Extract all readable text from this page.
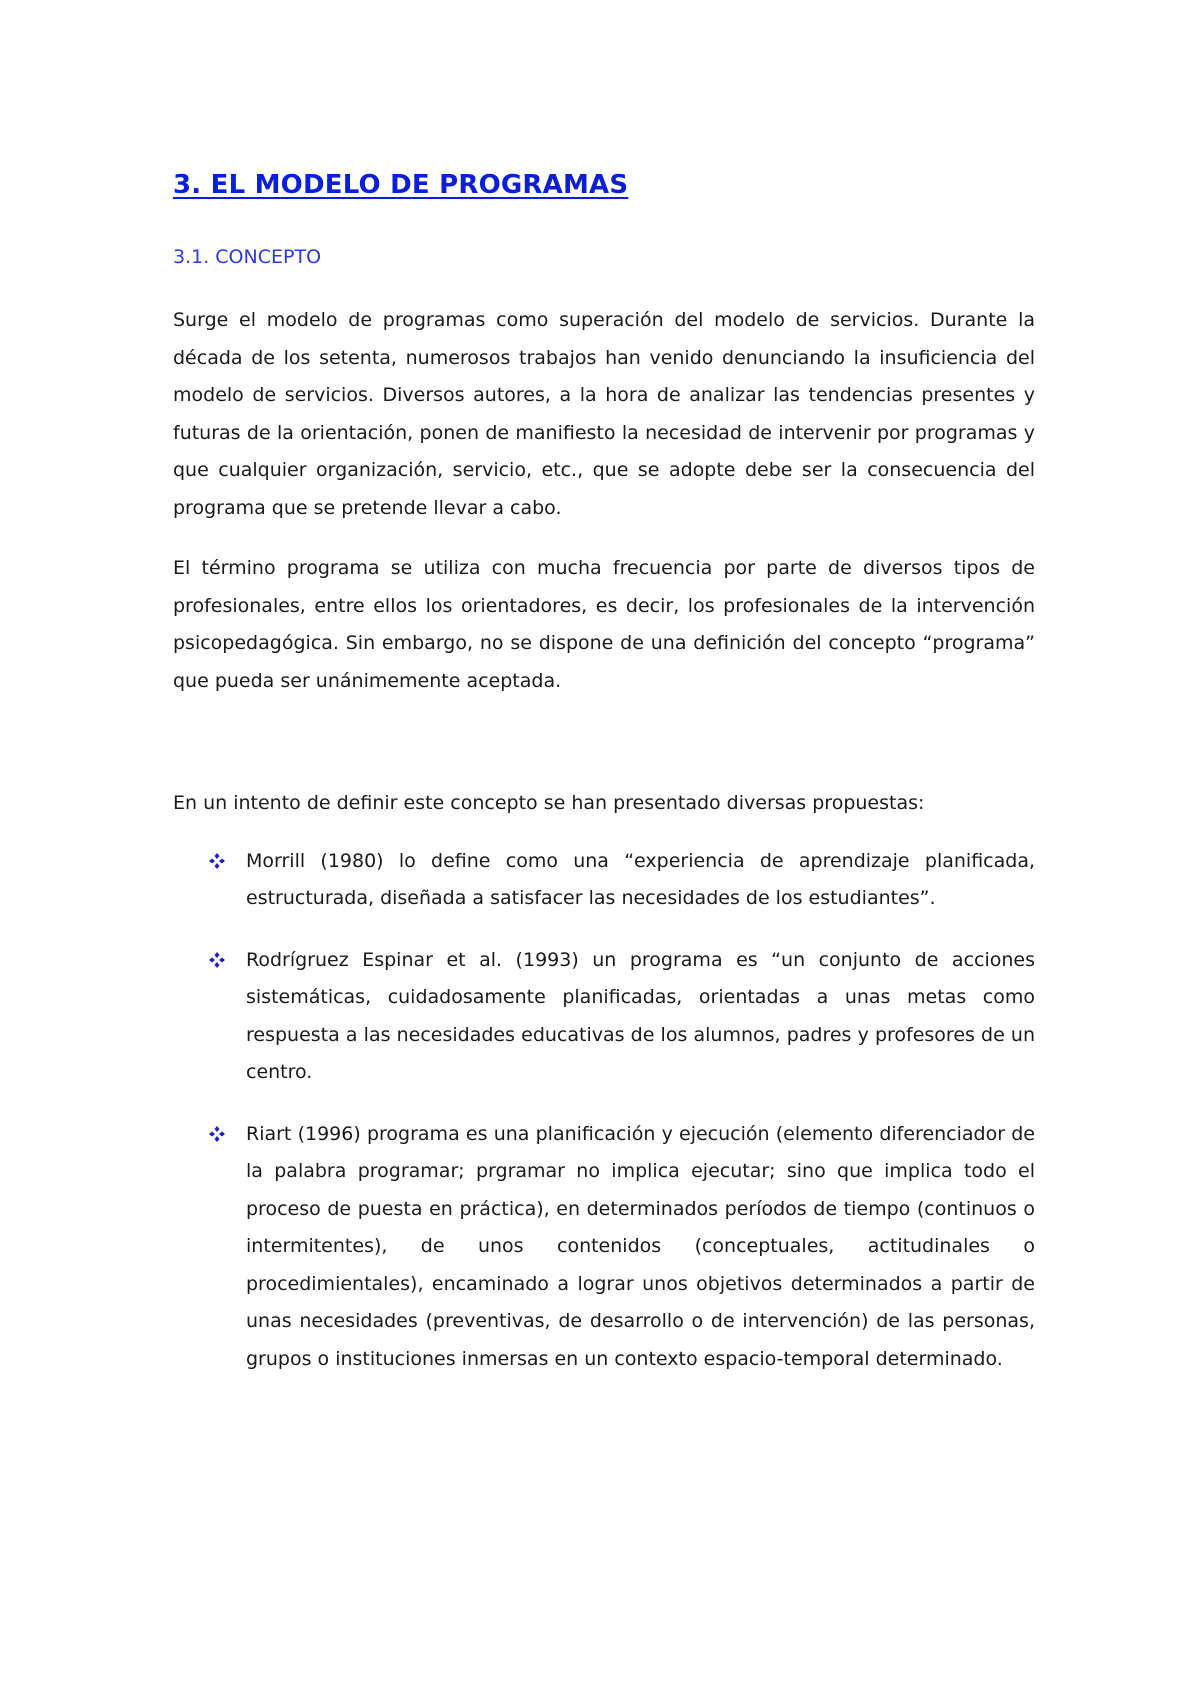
3. EL MODELO DE PROGRAMAS
3.1. CONCEPTO

Surge el modelo de programas como superación del modelo de servicios. Durante la década de los setenta, numerosos trabajos han venido denunciando la insuficiencia del modelo de servicios. Diversos autores, a la hora de analizar las tendencias presentes y futuras de la orientación, ponen de manifiesto la necesidad de intervenir por programas y que cualquier organización, servicio, etc., que se adopte debe ser la consecuencia del programa que se pretende llevar a cabo.

El término programa se utiliza con mucha frecuencia por parte de diversos tipos de profesionales, entre ellos los orientadores, es decir, los profesionales de la intervención psicopedagógica. Sin embargo, no se dispone de una definición del concepto “programa” que pueda ser unánimemente aceptada.

En un intento de definir este concepto se han presentado diversas propuestas:

Morrill (1980) lo define como una “experiencia de aprendizaje planificada, estructurada, diseñada a satisfacer las necesidades de los estudiantes”.
Rodrígruez Espinar et al. (1993) un programa es “un conjunto de acciones sistemáticas, cuidadosamente planificadas, orientadas a unas metas como respuesta a las necesidades educativas de los alumnos, padres y profesores de un centro.
Riart (1996) programa es una planificación y ejecución (elemento diferenciador de la palabra programar; prgramar no implica ejecutar; sino que implica todo el proceso de puesta en práctica), en determinados períodos de tiempo (continuos o intermitentes), de unos contenidos (conceptuales, actitudinales o procedimientales), encaminado a lograr unos objetivos determinados a partir de unas necesidades (preventivas, de desarrollo o de intervención) de las personas, grupos o instituciones inmersas en un contexto espacio-temporal determinado.
